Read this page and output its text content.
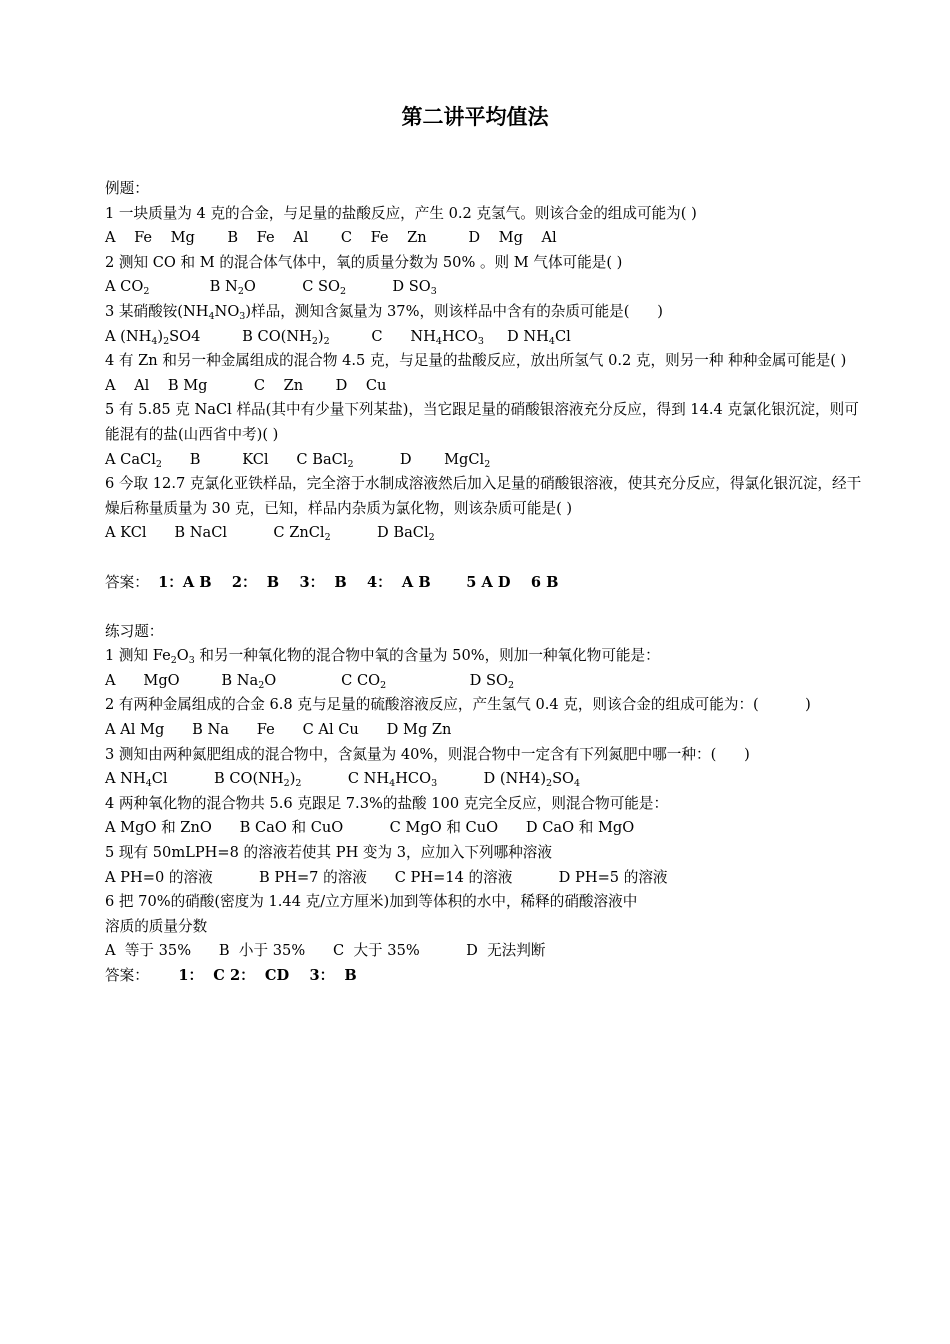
第二讲平均值法
例题：
1 一块质量为 4 克的合金，与足量的盐酸反应，产生 0.2 克氢气。则该合金的组成可能为( )
A    Fe    Mg       B    Fe    Al       C    Fe    Zn         D    Mg    Al
2 测知 CO 和 M 的混合体气体中，氧的质量分数为 50% 。则 M 气体可能是( )
A $CO_2$             B $N_2O$          C $SO_2$          D $SO_3$
3 某硝酸铵$(NH_4NO_3)$样品，测知含氮量为 37%，则该样品中含有的杂质可能是(      )
A $(NH_4)_2SO4$         B $CO(NH_2)_2$         C      $NH_4HCO_3$     D $NH_4Cl$
4 有 Zn 和另一种金属组成的混合物 4.5 克，与足量的盐酸反应，放出所氢气 0.2 克，则另一种 种种金属可能是( )
A    Al    B Mg          C    Zn       D    Cu
5 有 5.85 克 NaCl 样品(其中有少量下列某盐)，当它跟足量的硝酸银溶液充分反应，得到 14.4 克氯化银沉淀，则可能混有的盐(山西省中考)( )
A CaCl$_2$      B         KCl      C BaCl$_2$          D       MgCl$_2$
6 今取 12.7 克氯化亚铁样品，完全溶于水制成溶液然后加入足量的硝酸银溶液，使其充分反应，得氯化银沉淀，经干燥后称量质量为 30 克，已知，样品内杂质为氯化物，则该杂质可能是( )
A KCl      B NaCl          C ZnCl$_2$          D BaCl$_2$
答案： 1：A B    2：  B    3：  B    4：  A B       5 A D    6 B
练习题：
1 测知 $Fe_2O_3$ 和另一种氧化物的混合物中氧的含量为 50%，则加一种氧化物可能是：
A      MgO         B $Na_2O$              C $CO_2$                  D $SO_2$
2 有两种金属组成的合金 6.8 克与足量的硫酸溶液反应，产生氢气 0.4 克，则该合金的组成可能为：(          )
A Al Mg      B Na      Fe      C Al Cu      D Mg Zn
3 测知由两种氮肥组成的混合物中，含氮量为 40%，则混合物中一定含有下列氮肥中哪一种：(      )
A $NH_4Cl$          B $CO(NH_2)_2$          C $NH_4HCO_3$          D $(NH4)_2SO_4$
4 两种氧化物的混合物共 5.6 克跟足 7.3%的盐酸 100 克完全反应，则混合物可能是：
A MgO 和 ZnO      B CaO 和 CuO          C MgO 和 CuO      D CaO 和 MgO
5 现有 50mLPH=8 的溶液若使其 PH 变为 3，应加入下列哪种溶液
A PH=0 的溶液          B PH=7 的溶液      C PH=14 的溶液          D PH=5 的溶液
6 把 70%的硝酸(密度为 1.44 克/立方厘米)加到等体积的水中，稀释的硝酸溶液中
溶质的质量分数
A  等于 35%      B  小于 35%      C  大于 35%          D  无法判断
答案：      1：  C 2：  CD    3：  B
